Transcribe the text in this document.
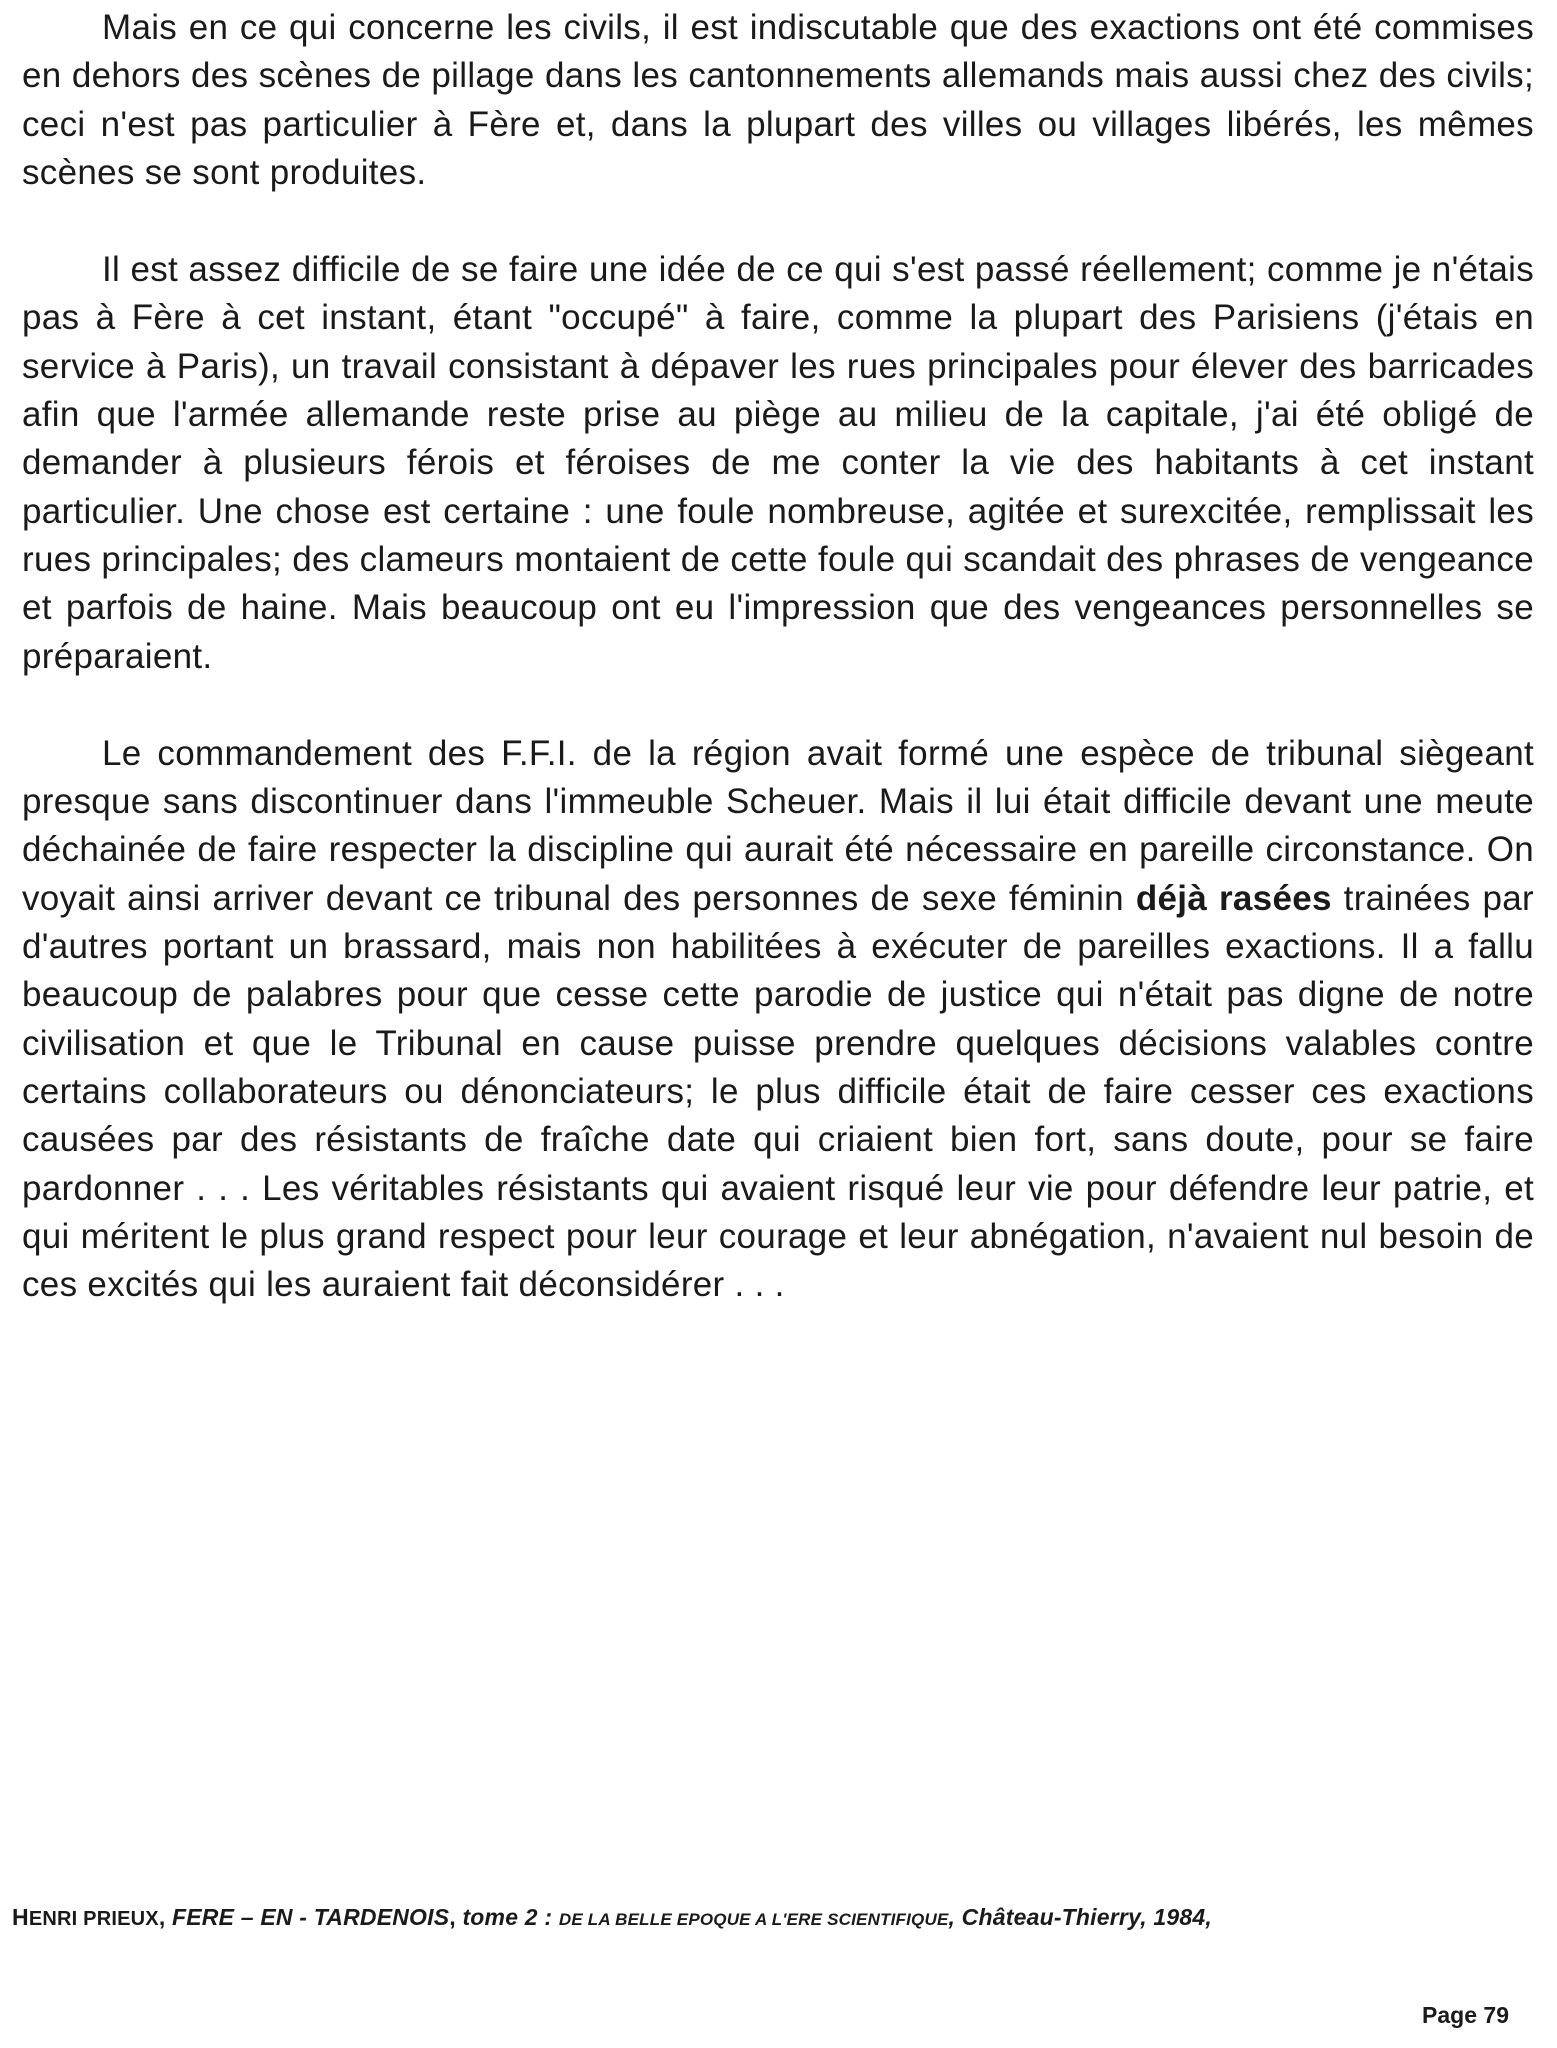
Mais en ce qui concerne les civils, il est indiscutable que des exactions ont été commises en dehors des scènes de pillage dans les cantonnements allemands mais aussi chez des civils; ceci n'est pas particulier à Fère et, dans la plupart des villes ou villages libérés, les mêmes scènes se sont produites.

Il est assez difficile de se faire une idée de ce qui s'est passé réellement; comme je n'étais pas à Fère à cet instant, étant "occupé" à faire, comme la plupart des Parisiens (j'étais en service à Paris), un travail consistant à dépaver les rues principales pour élever des barricades afin que l'armée allemande reste prise au piège au milieu de la capitale, j'ai été obligé de demander à plusieurs férois et féroises de me conter la vie des habitants à cet instant particulier. Une chose est certaine : une foule nombreuse, agitée et surexcitée, remplissait les rues principales; des clameurs montaient de cette foule qui scandait des phrases de vengeance et parfois de haine. Mais beaucoup ont eu l'impression que des vengeances personnelles se préparaient.

Le commandement des F.F.I. de la région avait formé une espèce de tribunal siègeant presque sans discontinuer dans l'immeuble Scheuer. Mais il lui était difficile devant une meute déchainée de faire respecter la discipline qui aurait été nécessaire en pareille circonstance. On voyait ainsi arriver devant ce tribunal des personnes de sexe féminin déjà rasées trainées par d'autres portant un brassard, mais non habilitées à exécuter de pareilles exactions. Il a fallu beaucoup de palabres pour que cesse cette parodie de justice qui n'était pas digne de notre civilisation et que le Tribunal en cause puisse prendre quelques décisions valables contre certains collaborateurs ou dénonciateurs; le plus difficile était de faire cesser ces exactions causées par des résistants de fraîche date qui criaient bien fort, sans doute, pour se faire pardonner . . . Les véritables résistants qui avaient risqué leur vie pour défendre leur patrie, et qui méritent le plus grand respect pour leur courage et leur abnégation, n'avaient nul besoin de ces excités qui les auraient fait déconsidérer . . .

HENRI PRIEUX, FERE – EN - TARDENOIS, tome 2 : DE LA BELLE EPOQUE A L'ERE SCIENTIFIQUE, Château-Thierry, 1984,
Page 79
